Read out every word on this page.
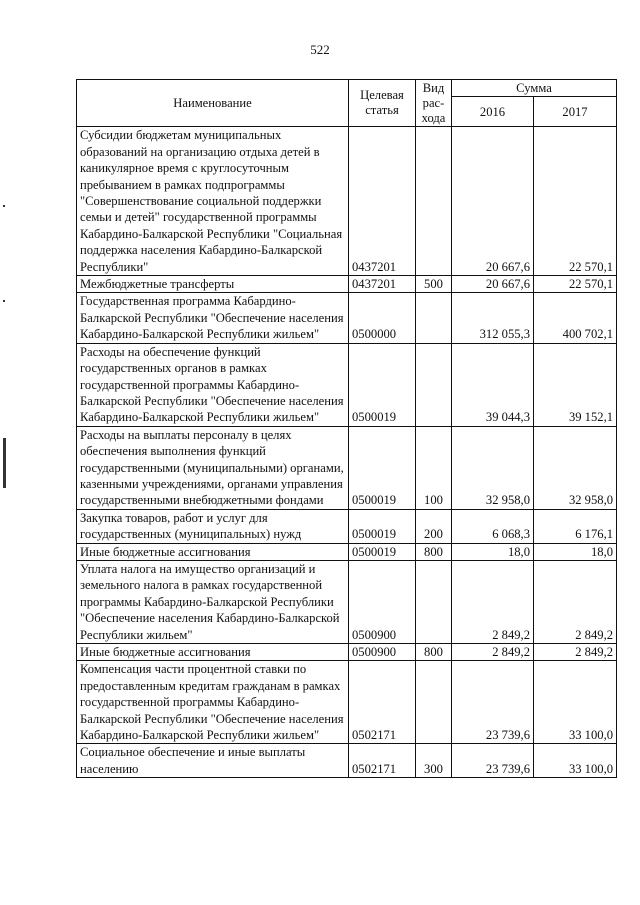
522
Наименование	Целевая статья	Вид рас- хода	Сумма	
			2016	2017
Субсидии бюджетам муниципальных образований на организацию отдыха детей в каникулярное время с круглосуточным пребыванием в рамках подпрограммы "Совершенствование социальной поддержки семьи и детей" государственной программы Кабардино-Балкарской Республики "Социальная поддержка населения Кабардино-Балкарской Республики"	0437201		20 667,6	22 570,1
Межбюджетные трансферты	0437201	500	20 667,6	22 570,1
Государственная программа Кабардино-Балкарской Республики "Обеспечение населения Кабардино-Балкарской Республики жильем"	0500000		312 055,3	400 702,1
Расходы на обеспечение функций государственных органов в рамках государственной программы Кабардино-Балкарской Республики "Обеспечение населения Кабардино-Балкарской Республики жильем"	0500019		39 044,3	39 152,1
Расходы на выплаты персоналу в целях обеспечения выполнения функций государственными (муниципальными) органами, казенными учреждениями, органами управления государственными внебюджетными фондами	0500019	100	32 958,0	32 958,0
Закупка товаров, работ и услуг для государственных (муниципальных) нужд	0500019	200	6 068,3	6 176,1
Иные бюджетные ассигнования	0500019	800	18,0	18,0
Уплата налога на имущество организаций и земельного налога в рамках государственной программы Кабардино-Балкарской Республики "Обеспечение населения Кабардино-Балкарской Республики жильем"	0500900		2 849,2	2 849,2
Иные бюджетные ассигнования	0500900	800	2 849,2	2 849,2
Компенсация части процентной ставки по предоставленным кредитам гражданам в рамках государственной программы Кабардино-Балкарской Республики "Обеспечение населения Кабардино-Балкарской Республики жильем"	0502171		23 739,6	33 100,0
Социальное обеспечение и иные выплаты населению	0502171	300	23 739,6	33 100,0
